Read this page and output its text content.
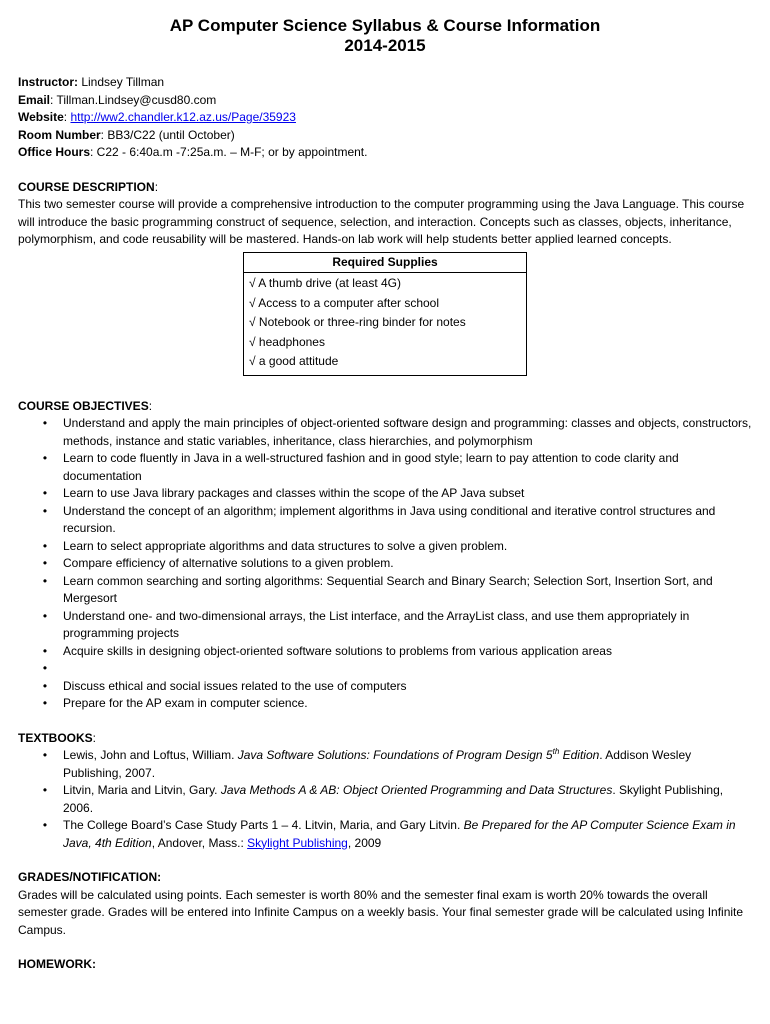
AP Computer Science Syllabus & Course Information
2014-2015
Instructor: Lindsey Tillman
Email: Tillman.Lindsey@cusd80.com
Website: http://ww2.chandler.k12.az.us/Page/35923
Room Number: BB3/C22 (until October)
Office Hours: C22 - 6:40a.m -7:25a.m. – M-F; or by appointment.
COURSE DESCRIPTION:

This two semester course will provide a comprehensive introduction to the computer programming using the Java Language. This course will introduce the basic programming construct of sequence, selection, and interaction. Concepts such as classes, objects, inheritance, polymorphism, and code reusability will be mastered. Hands-on lab work will help students better applied learned concepts.

Required Supplies

√ A thumb drive (at least 4G)
√ Access to a computer after school
√ Notebook or three-ring binder for notes
√ headphones
√ a good attitude
COURSE OBJECTIVES:
• Understand and apply the main principles of object-oriented software design and programming: classes and objects, constructors, methods, instance and static variables, inheritance, class hierarchies, and polymorphism
• Learn to code fluently in Java in a well-structured fashion and in good style; learn to pay attention to code clarity and documentation
• Learn to use Java library packages and classes within the scope of the AP Java subset
• Understand the concept of an algorithm; implement algorithms in Java using conditional and iterative control structures and recursion.
• Learn to select appropriate algorithms and data structures to solve a given problem.
• Compare efficiency of alternative solutions to a given problem.
• Learn common searching and sorting algorithms: Sequential Search and Binary Search; Selection Sort, Insertion Sort, and Mergesort
• Understand one- and two-dimensional arrays, the List interface, and the ArrayList class, and use them appropriately in programming projects
• Acquire skills in designing object-oriented software solutions to problems from various application areas
•
• Discuss ethical and social issues related to the use of computers
• Prepare for the AP exam in computer science.
TEXTBOOKS:
• Lewis, John and Loftus, William. Java Software Solutions: Foundations of Program Design 5th Edition. Addison Wesley Publishing, 2007.
• Litvin, Maria and Litvin, Gary. Java Methods A & AB: Object Oriented Programming and Data Structures. Skylight Publishing, 2006.
• The College Board’s Case Study Parts 1 – 4. Litvin, Maria, and Gary Litvin. Be Prepared for the AP Computer Science Exam in Java, 4th Edition, Andover, Mass.: Skylight Publishing, 2009
GRADES/NOTIFICATION:

Grades will be calculated using points. Each semester is worth 80% and the semester final exam is worth 20% towards the overall semester grade. Grades will be entered into Infinite Campus on a weekly basis. Your final semester grade will be calculated using Infinite Campus.

HOMEWORK:
